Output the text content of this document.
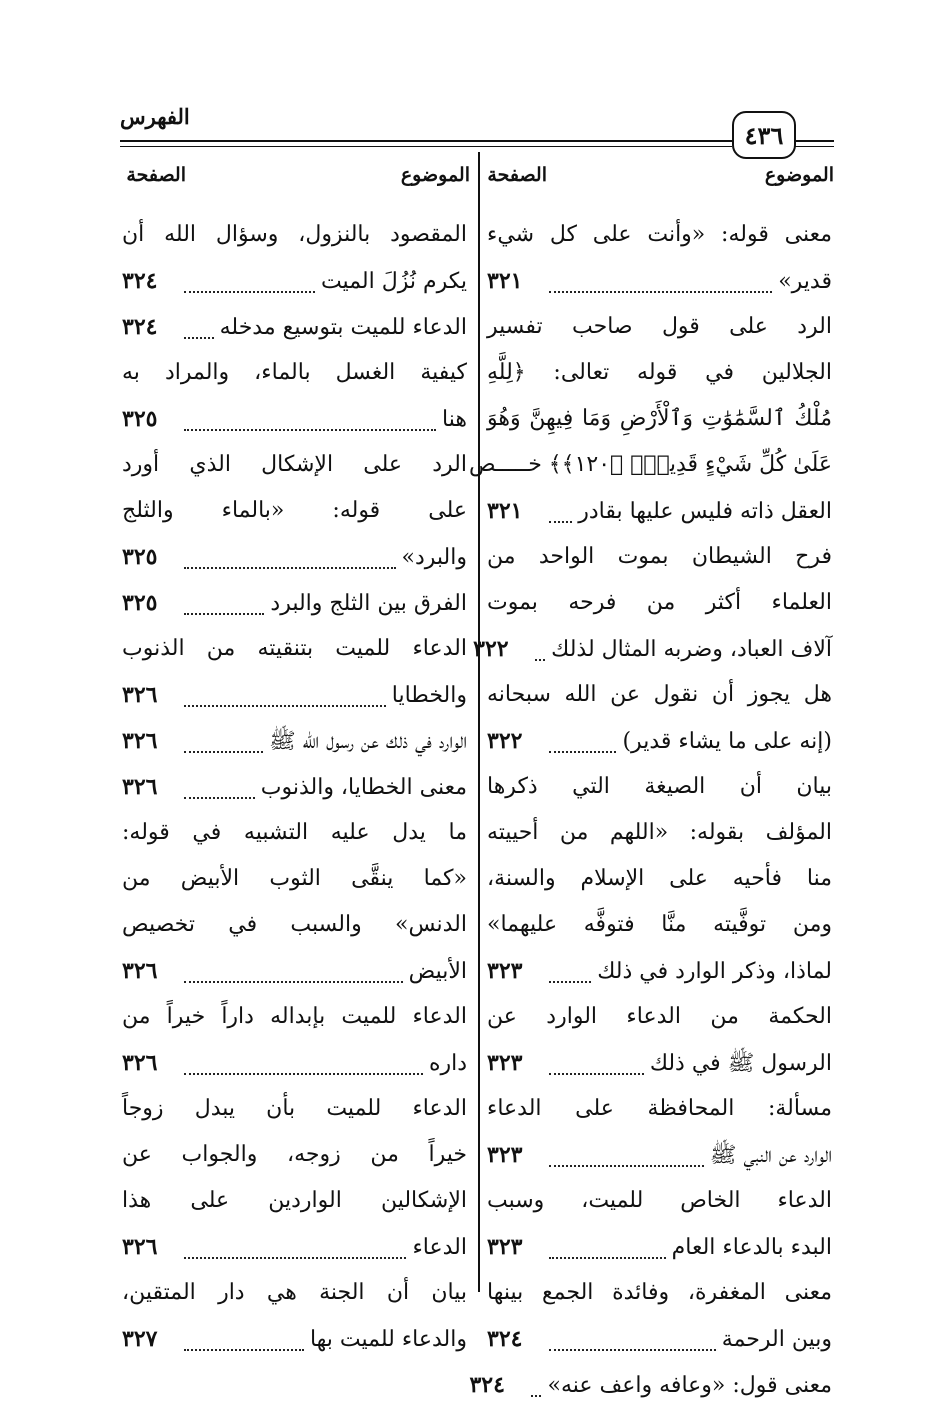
الفهرس
٤٣٦
الموضوع
الصفحة
الموضوع
الصفحة
معنى قوله: «وأنت على كل شيء
قدير»
٣٢١
الرد على قول صاحب تفسير
الجلالين في قوله تعالى: ﴿لِلَّهِ
مُلْكُ ٱلسَّمَٰوَٰتِ وَٱلْأَرْضِ وَمَا فِيهِنَّ وَهُوَ
عَلَىٰ كُلِّ شَيْءٍ قَدِيرٌۢ ﴿١٢٠﴾﴾ خـــــص
العقل ذاته فليس عليها بقادر
٣٢١
فرح الشيطان بموت الواحد من
العلماء أكثر من فرحه بموت
آلاف العباد، وضربه المثال لذلك
٣٢٢
هل يجوز أن نقول عن الله سبحانه
(إنه على ما يشاء قدير)
٣٢٢
بيان أن الصيغة التي ذكرها
المؤلف بقوله: «اللهم من أحييته
منا فأحيه على الإسلام والسنة،
ومن توفَّيته منَّا فتوفَّه عليهما»
لماذا، وذكر الوارد في ذلك
٣٢٣
الحكمة من الدعاء الوارد عن
الرسول ﷺ في ذلك
٣٢٣
مسألة: المحافظة على الدعاء
الوارد عن النبي ﷺ
٣٢٣
الدعاء الخاص للميت، وسبب
البدء بالدعاء العام
٣٢٣
معنى المغفرة، وفائدة الجمع بينها
وبين الرحمة
٣٢٤
معنى قول: «وعافه واعف عنه»
٣٢٤
المقصود بالنزول، وسؤال الله أن
يكرم نُزُلَ الميت
٣٢٤
الدعاء للميت بتوسيع مدخله
٣٢٤
كيفية الغسل بالماء، والمراد به
هنا
٣٢٥
الرد على الإشكال الذي أورد
على قوله: «بالماء والثلج
والبرد»
٣٢٥
الفرق بين الثلج والبرد
٣٢٥
الدعاء للميت بتنقيته من الذنوب
والخطايا
٣٢٦
الوارد في ذلك عن رسول الله ﷺ
٣٢٦
معنى الخطايا، والذنوب
٣٢٦
ما يدل عليه التشبيه في قوله:
«كما ينقَّى الثوب الأبيض من
الدنس» والسبب في تخصيص
الأبيض
٣٢٦
الدعاء للميت بإبداله داراً خيراً من
داره
٣٢٦
الدعاء للميت بأن يبدل زوجاً
خيراً من زوجه، والجواب عن
الإشكالين الواردين على هذا
الدعاء
٣٢٦
بيان أن الجنة هي دار المتقين،
والدعاء للميت بها
٣٢٧
